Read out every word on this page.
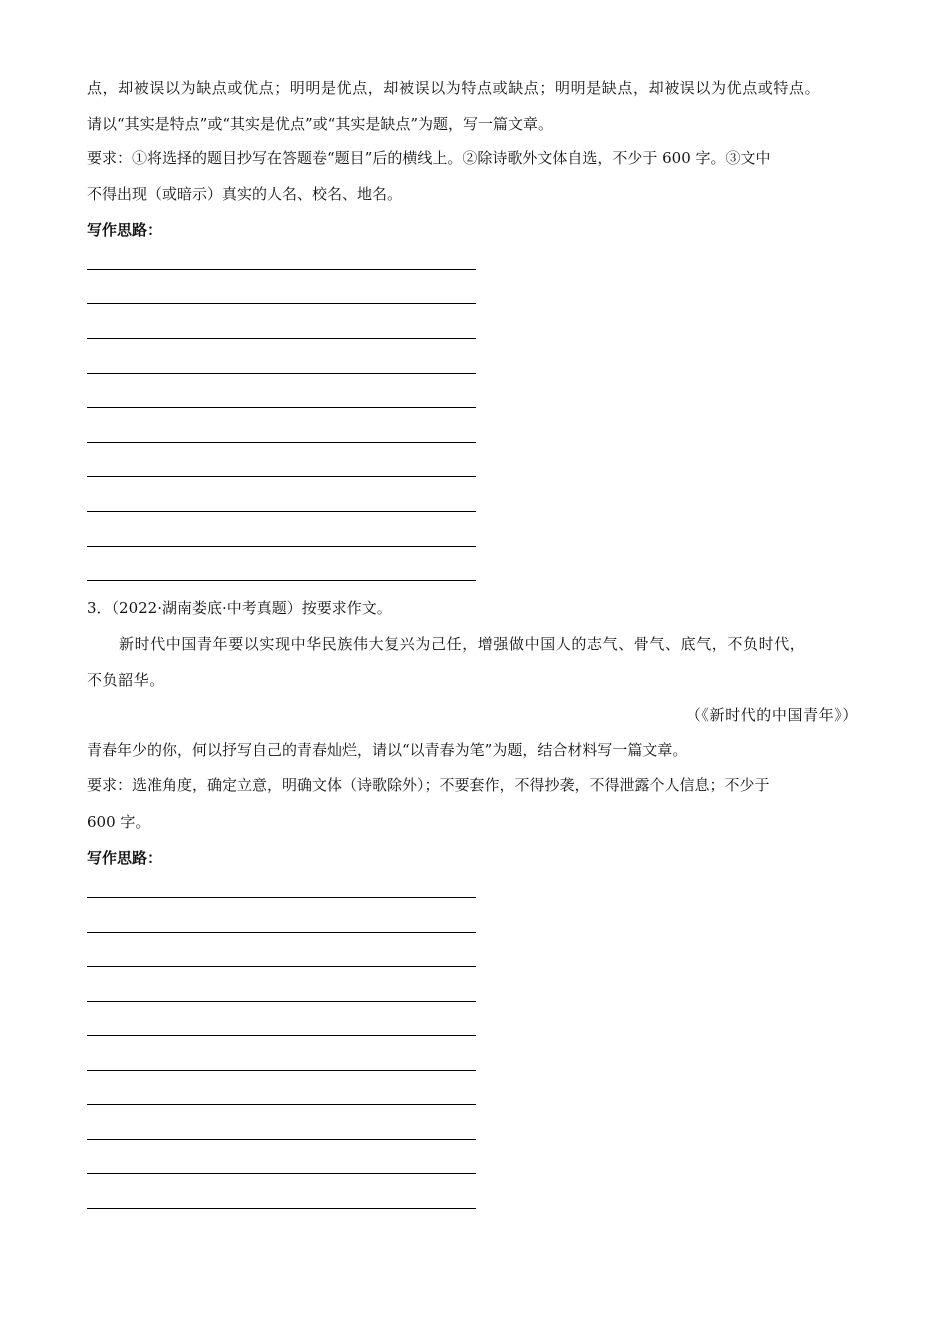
点，却被误以为缺点或优点；明明是优点，却被误以为特点或缺点；明明是缺点，却被误以为优点或特点。
请以“其实是特点”或“其实是优点”或“其实是缺点”为题，写一篇文章。
要求：①将选择的题目抄写在答题卷“题目”后的横线上。②除诗歌外文体自选，不少于 600 字。③文中
不得出现（或暗示）真实的人名、校名、地名。
写作思路：
3．（2022·湖南娄底·中考真题）按要求作文。
新时代中国青年要以实现中华民族伟大复兴为己任，增强做中国人的志气、骨气、底气，不负时代，
不负韶华。
（《新时代的中国青年》）
青春年少的你，何以抒写自己的青春灿烂，请以“以青春为笔”为题，结合材料写一篇文章。
要求：选准角度，确定立意，明确文体（诗歌除外）；不要套作，不得抄袭，不得泄露个人信息；不少于
600 字。
写作思路：
